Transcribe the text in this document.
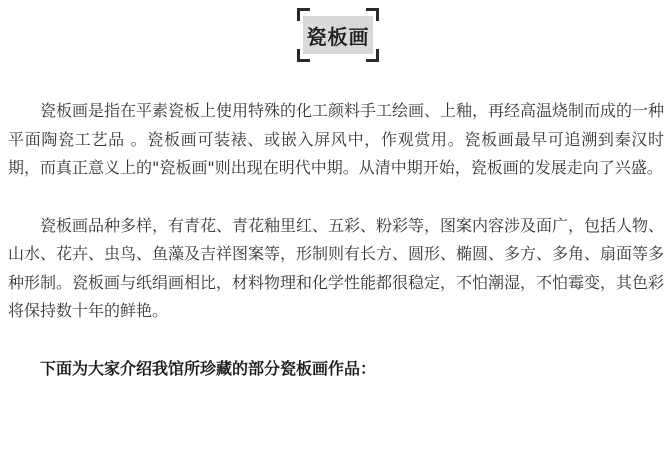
瓷板画

瓷板画是指在平素瓷板上使用特殊的化工颜料手工绘画、上釉，再经高温烧制而成的一种平面陶瓷工艺品 。瓷板画可装裱、或嵌入屏风中，作观赏用。瓷板画最早可追溯到秦汉时期，而真正意义上的"瓷板画"则出现在明代中期。从清中期开始，瓷板画的发展走向了兴盛。

瓷板画品种多样，有青花、青花釉里红、五彩、粉彩等，图案内容涉及面广，包括人物、山水、花卉、虫鸟、鱼藻及吉祥图案等，形制则有长方、圆形、椭圆、多方、多角、扇面等多种形制。瓷板画与纸绢画相比，材料物理和化学性能都很稳定，不怕潮湿，不怕霉变，其色彩将保持数十年的鲜艳。

下面为大家介绍我馆所珍藏的部分瓷板画作品：
